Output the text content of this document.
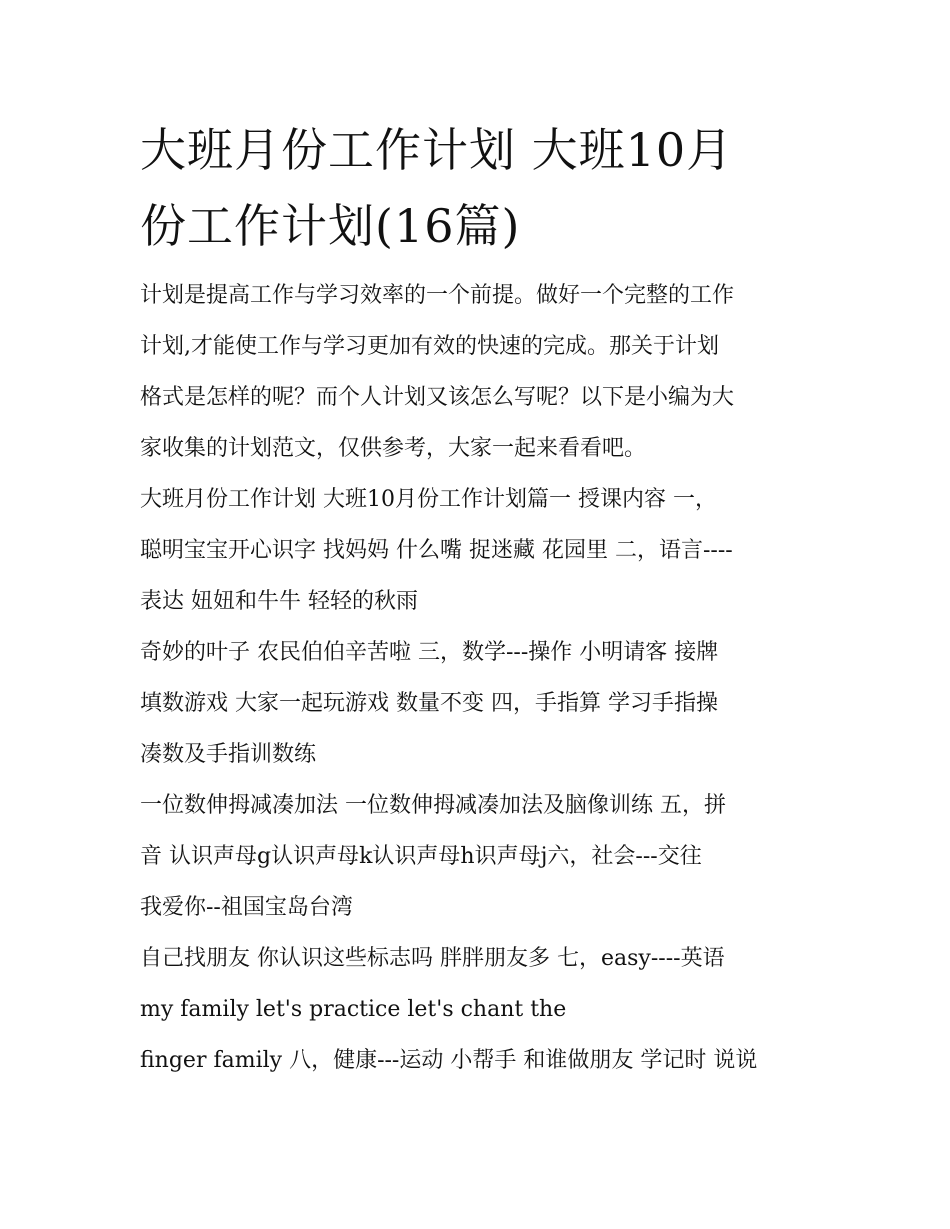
大班月份工作计划 大班10月
份工作计划(16篇)
计划是提高工作与学习效率的一个前提。做好一个完整的工作
计划,才能使工作与学习更加有效的快速的完成。那关于计划
格式是怎样的呢？而个人计划又该怎么写呢？以下是小编为大
家收集的计划范文，仅供参考，大家一起来看看吧。
大班月份工作计划 大班10月份工作计划篇一 授课内容 一，
聪明宝宝开心识字 找妈妈 什么嘴 捉迷藏 花园里 二，语言----
表达 妞妞和牛牛 轻轻的秋雨
奇妙的叶子 农民伯伯辛苦啦 三，数学---操作 小明请客 接牌
填数游戏 大家一起玩游戏 数量不变 四，手指算 学习手指操
凑数及手指训数练
一位数伸拇减凑加法 一位数伸拇减凑加法及脑像训练 五，拼
音 认识声母g认识声母k认识声母h识声母j六，社会---交往
我爱你--祖国宝岛台湾
自己找朋友 你认识这些标志吗 胖胖朋友多 七，easy----英语
my family let's practice let's chant the
finger family 八，健康---运动 小帮手 和谁做朋友 学记时 说说
